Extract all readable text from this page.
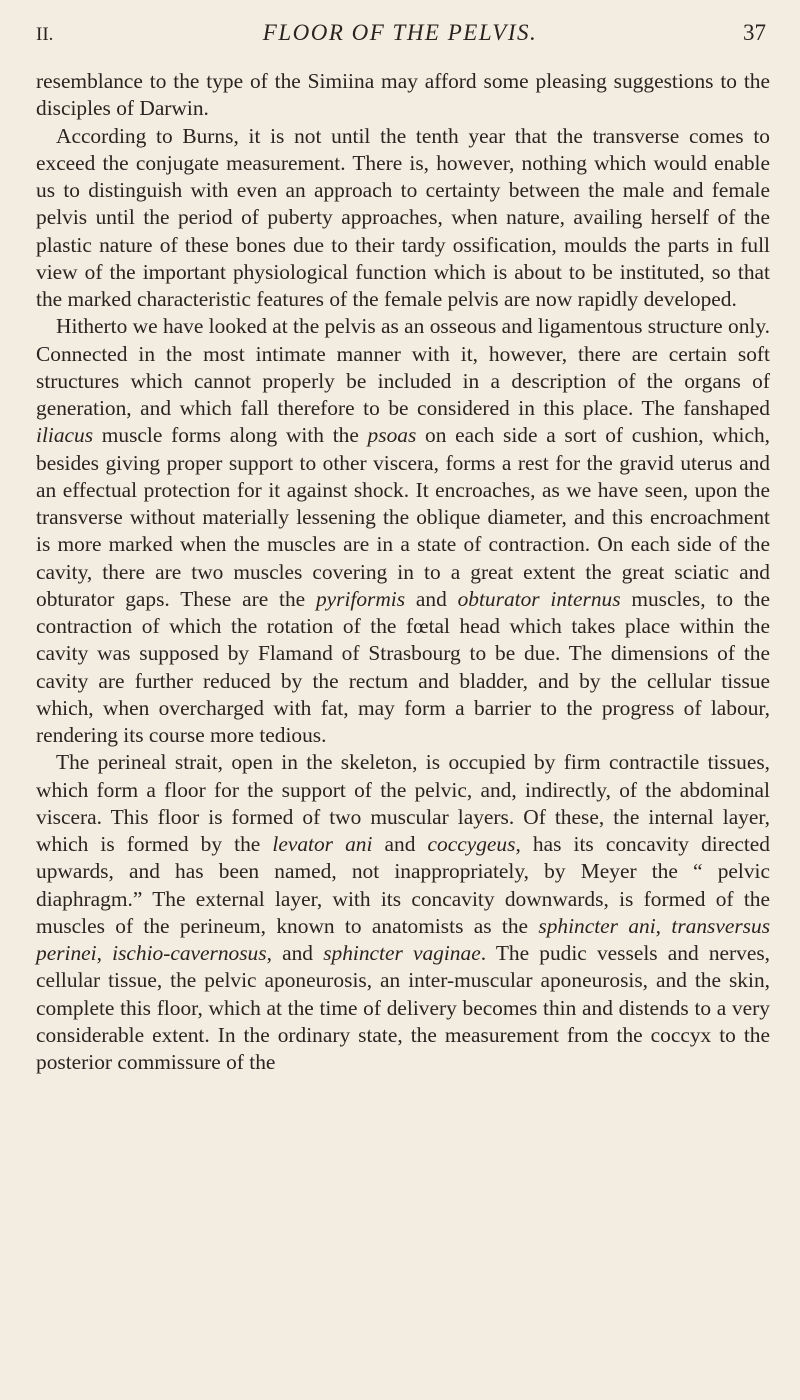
II.	FLOOR OF THE PELVIS.	37

resemblance to the type of the Simiina may afford some pleasing suggestions to the disciples of Darwin.

According to Burns, it is not until the tenth year that the transverse comes to exceed the conjugate measurement. There is, however, nothing which would enable us to distinguish with even an approach to certainty between the male and female pelvis until the period of puberty approaches, when nature, availing herself of the plastic nature of these bones due to their tardy ossification, moulds the parts in full view of the important physiological function which is about to be instituted, so that the marked characteristic features of the female pelvis are now rapidly developed.

Hitherto we have looked at the pelvis as an osseous and ligamentous structure only. Connected in the most intimate manner with it, however, there are certain soft structures which cannot properly be included in a description of the organs of generation, and which fall therefore to be considered in this place. The fanshaped iliacus muscle forms along with the psoas on each side a sort of cushion, which, besides giving proper support to other viscera, forms a rest for the gravid uterus and an effectual protection for it against shock. It encroaches, as we have seen, upon the transverse without materially lessening the oblique diameter, and this encroachment is more marked when the muscles are in a state of contraction. On each side of the cavity, there are two muscles covering in to a great extent the great sciatic and obturator gaps. These are the pyriformis and obturator internus muscles, to the contraction of which the rotation of the fœtal head which takes place within the cavity was supposed by Flamand of Strasbourg to be due. The dimensions of the cavity are further reduced by the rectum and bladder, and by the cellular tissue which, when overcharged with fat, may form a barrier to the progress of labour, rendering its course more tedious.

The perineal strait, open in the skeleton, is occupied by firm contractile tissues, which form a floor for the support of the pelvic, and, indirectly, of the abdominal viscera. This floor is formed of two muscular layers. Of these, the internal layer, which is formed by the levator ani and coccygeus, has its concavity directed upwards, and has been named, not inappropriately, by Meyer the “ pelvic diaphragm.” The external layer, with its concavity downwards, is formed of the muscles of the perineum, known to anatomists as the sphincter ani, transversus perinei, ischio-cavernosus, and sphincter vaginae. The pudic vessels and nerves, cellular tissue, the pelvic aponeurosis, an inter-muscular aponeurosis, and the skin, complete this floor, which at the time of delivery becomes thin and distends to a very considerable extent. In the ordinary state, the measurement from the coccyx to the posterior commissure of the
